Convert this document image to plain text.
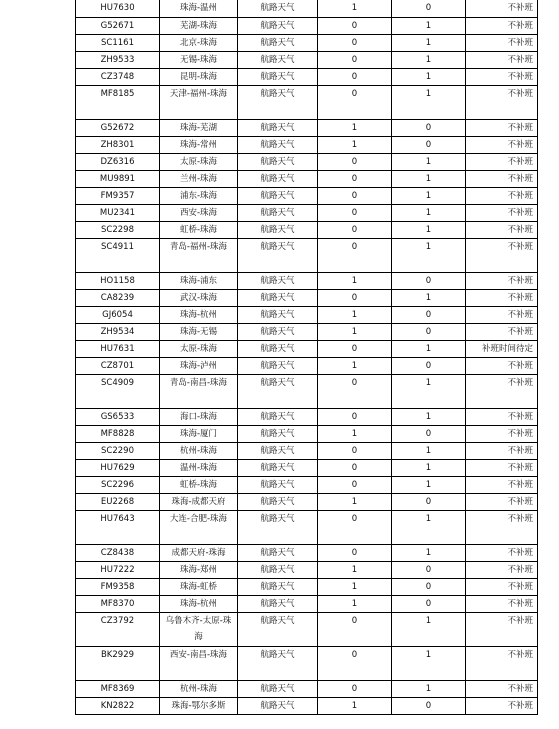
HU7630	珠海-温州	航路天气	1	0	不补班
G52671	芜湖-珠海	航路天气	0	1	不补班
SC1161	北京-珠海	航路天气	0	1	不补班
ZH9533	无锡-珠海	航路天气	0	1	不补班
CZ3748	昆明-珠海	航路天气	0	1	不补班
MF8185	天津-福州-珠海	航路天气	0	1	不补班
G52672	珠海-芜湖	航路天气	1	0	不补班
ZH8301	珠海-常州	航路天气	1	0	不补班
DZ6316	太原-珠海	航路天气	0	1	不补班
MU9891	兰州-珠海	航路天气	0	1	不补班
FM9357	浦东-珠海	航路天气	0	1	不补班
MU2341	西安-珠海	航路天气	0	1	不补班
SC2298	虹桥-珠海	航路天气	0	1	不补班
SC4911	青岛-福州-珠海	航路天气	0	1	不补班
HO1158	珠海-浦东	航路天气	1	0	不补班
CA8239	武汉-珠海	航路天气	0	1	不补班
GJ6054	珠海-杭州	航路天气	1	0	不补班
ZH9534	珠海-无锡	航路天气	1	0	不补班
HU7631	太原-珠海	航路天气	0	1	补班时间待定
CZ8701	珠海-泸州	航路天气	1	0	不补班
SC4909	青岛-南昌-珠海	航路天气	0	1	不补班
GS6533	海口-珠海	航路天气	0	1	不补班
MF8828	珠海-厦门	航路天气	1	0	不补班
SC2290	杭州-珠海	航路天气	0	1	不补班
HU7629	温州-珠海	航路天气	0	1	不补班
SC2296	虹桥-珠海	航路天气	0	1	不补班
EU2268	珠海-成都天府	航路天气	1	0	不补班
HU7643	大连-合肥-珠海	航路天气	0	1	不补班
CZ8438	成都天府-珠海	航路天气	0	1	不补班
HU7222	珠海-郑州	航路天气	1	0	不补班
FM9358	珠海-虹桥	航路天气	1	0	不补班
MF8370	珠海-杭州	航路天气	1	0	不补班
CZ3792	乌鲁木齐-太原-珠海	航路天气	0	1	不补班
BK2929	西安-南昌-珠海	航路天气	0	1	不补班
MF8369	杭州-珠海	航路天气	0	1	不补班
KN2822	珠海-鄂尔多斯	航路天气	1	0	不补班
